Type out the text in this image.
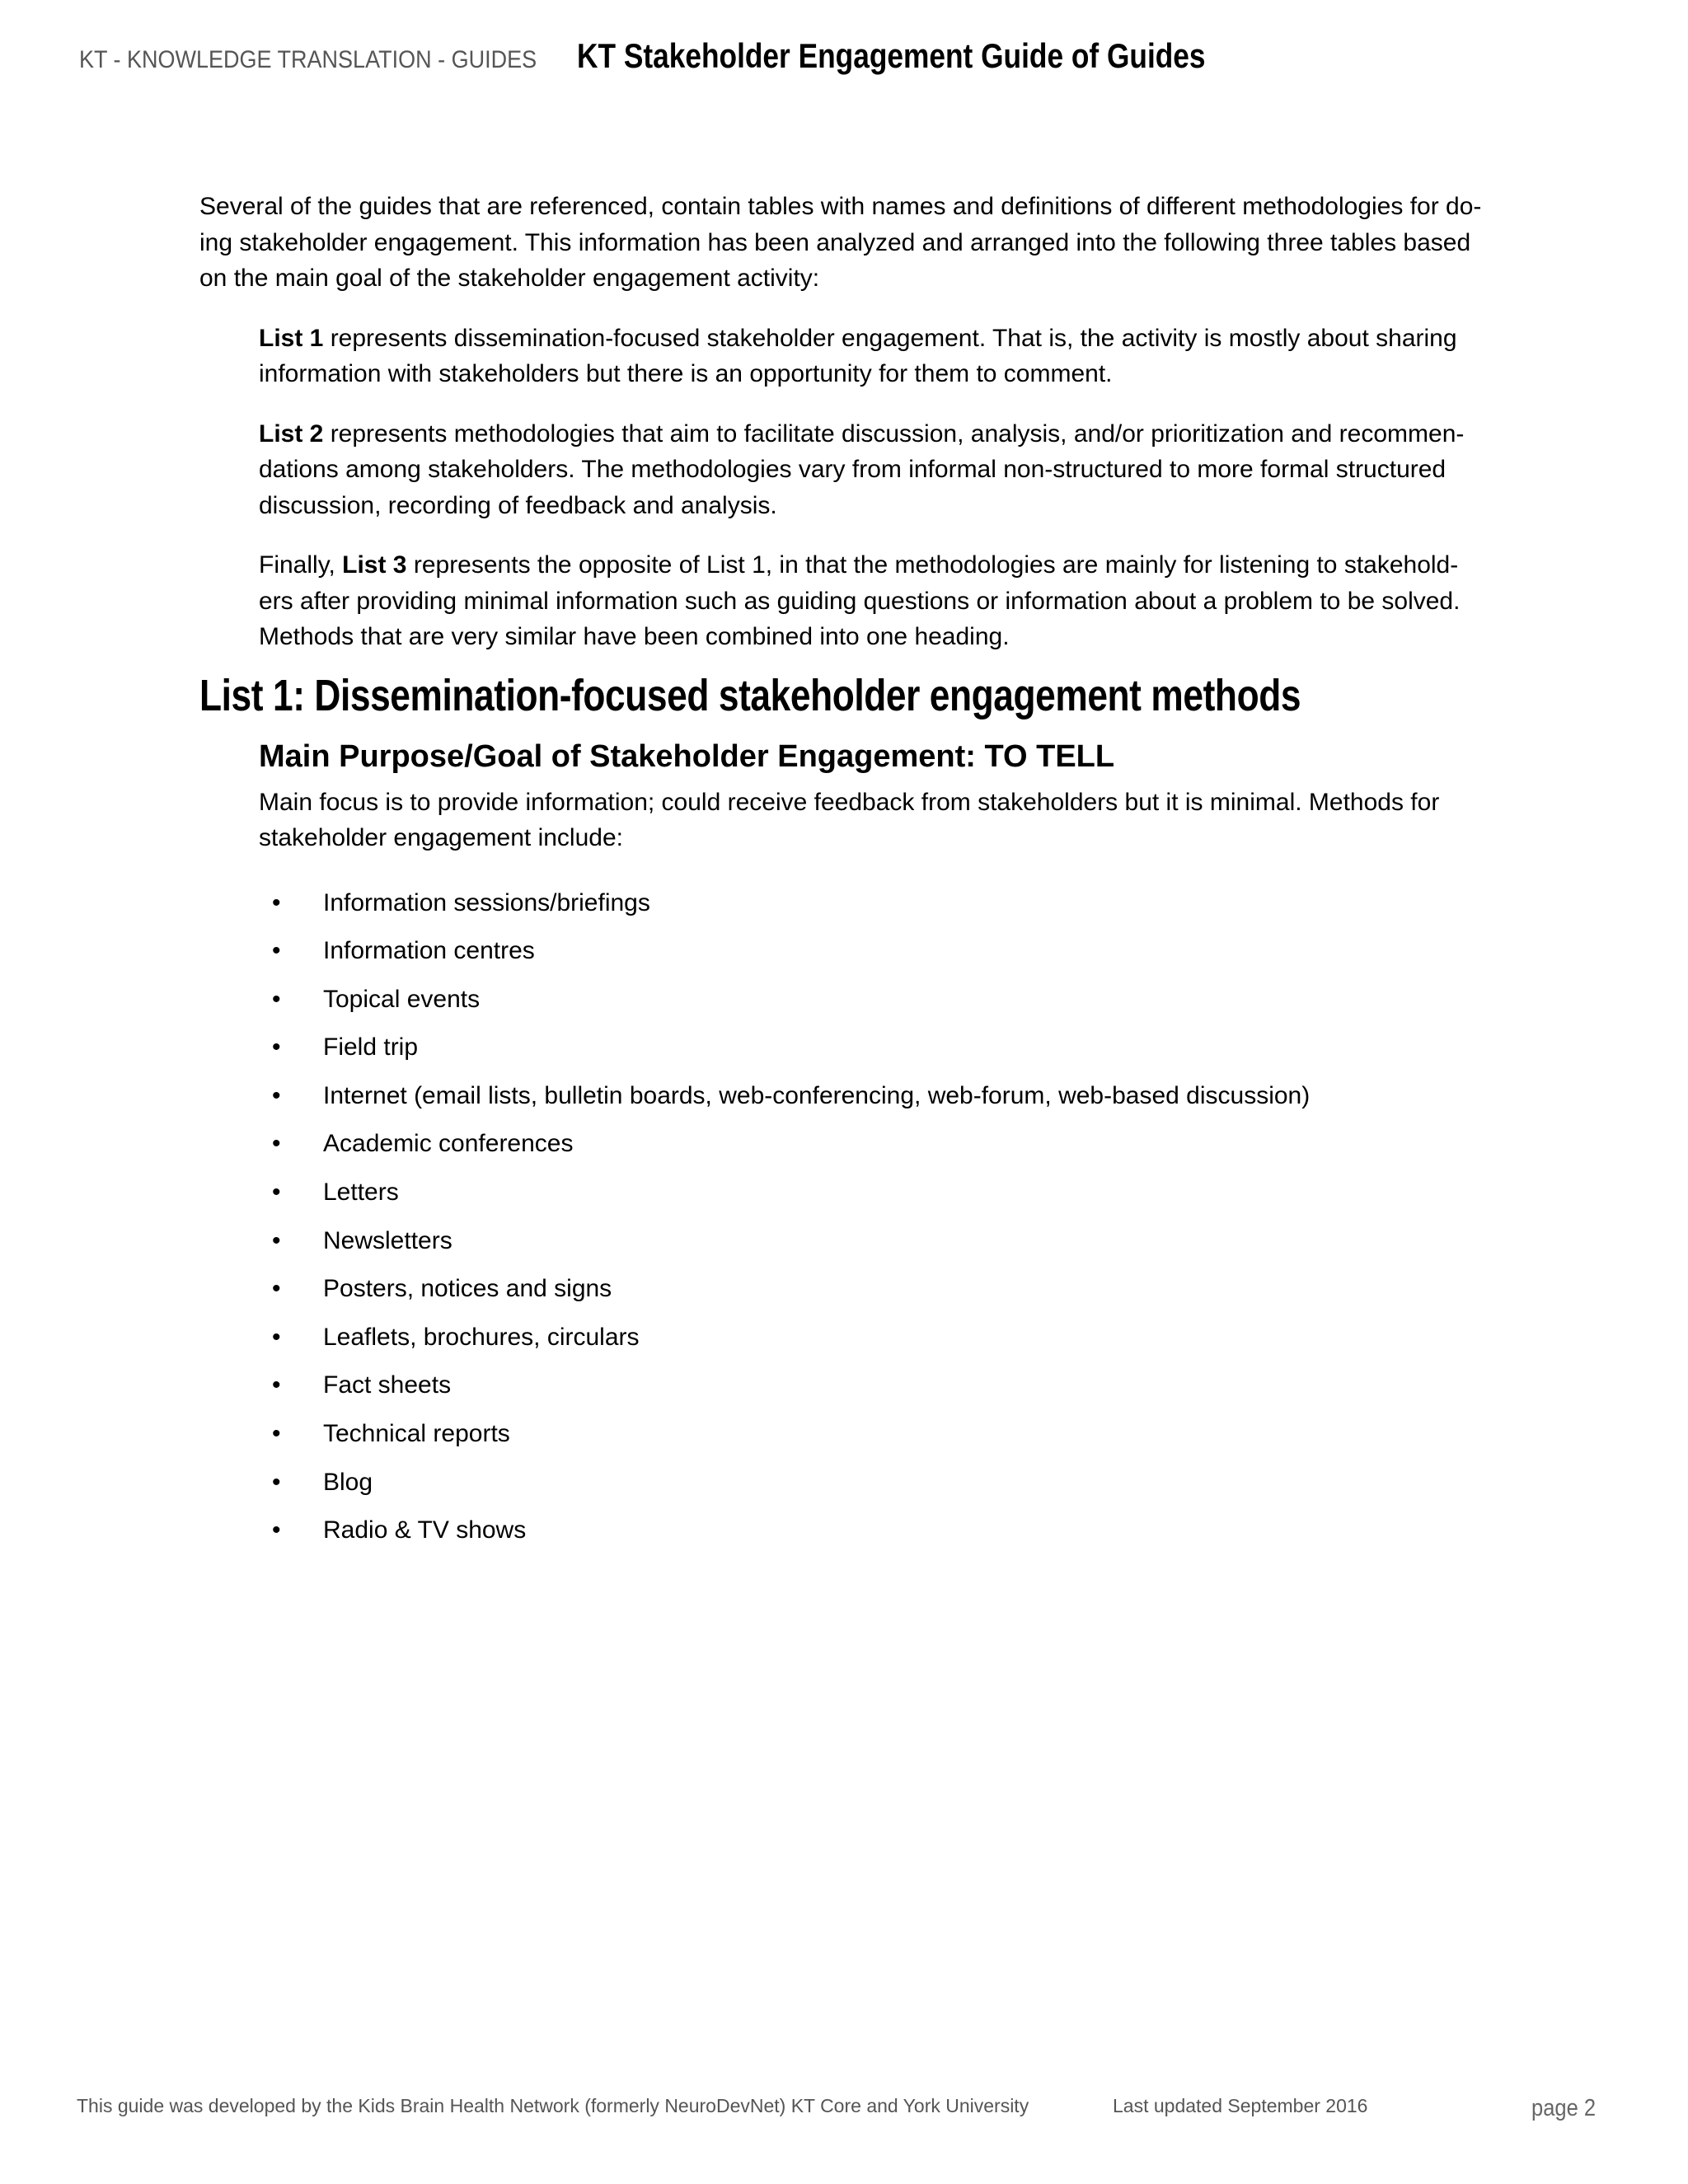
KT - KNOWLEDGE TRANSLATION - GUIDES KT Stakeholder Engagement Guide of Guides

Several of the guides that are referenced, contain tables with names and definitions of different methodologies for do-
ing stakeholder engagement. This information has been analyzed and arranged into the following three tables based
on the main goal of the stakeholder engagement activity:

List 1 represents dissemination-focused stakeholder engagement. That is, the activity is mostly about sharing
information with stakeholders but there is an opportunity for them to comment.

List 2 represents methodologies that aim to facilitate discussion, analysis, and/or prioritization and recommen-
dations among stakeholders. The methodologies vary from informal non-structured to more formal structured
discussion, recording of feedback and analysis.

Finally, List 3 represents the opposite of List 1, in that the methodologies are mainly for listening to stakehold-
ers after providing minimal information such as guiding questions or information about a problem to be solved.
Methods that are very similar have been combined into one heading.

List 1: Dissemination-focused stakeholder engagement methods
Main Purpose/Goal of Stakeholder Engagement: TO TELL

Main focus is to provide information; could receive feedback from stakeholders but it is minimal. Methods for
stakeholder engagement include:

• Information sessions/briefings
• Information centres
• Topical events
• Field trip
• Internet (email lists, bulletin boards, web-conferencing, web-forum, web-based discussion)
• Academic conferences
• Letters
• Newsletters
• Posters, notices and signs
• Leaflets, brochures, circulars
• Fact sheets
• Technical reports
• Blog
• Radio & TV shows
This guide was developed by the Kids Brain Health Network (formerly NeuroDevNet) KT Core and York University	Last updated September 2016	page 2
